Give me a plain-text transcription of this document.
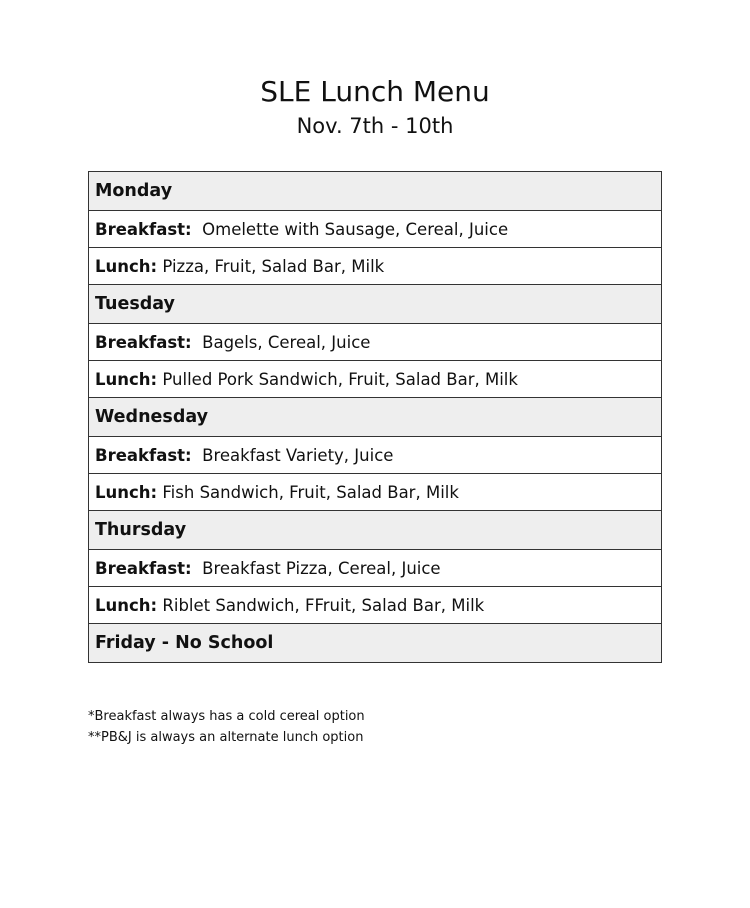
SLE Lunch Menu
Nov. 7th - 10th
Monday
Breakfast: Omelette with Sausage, Cereal, Juice
Lunch: Pizza, Fruit, Salad Bar, Milk
Tuesday
Breakfast: Bagels, Cereal, Juice
Lunch: Pulled Pork Sandwich, Fruit, Salad Bar, Milk
Wednesday
Breakfast: Breakfast Variety, Juice
Lunch: Fish Sandwich, Fruit, Salad Bar, Milk
Thursday
Breakfast: Breakfast Pizza, Cereal, Juice
Lunch: Riblet Sandwich, FFruit, Salad Bar, Milk
Friday - No School
*Breakfast always has a cold cereal option
**PB&J is always an alternate lunch option
